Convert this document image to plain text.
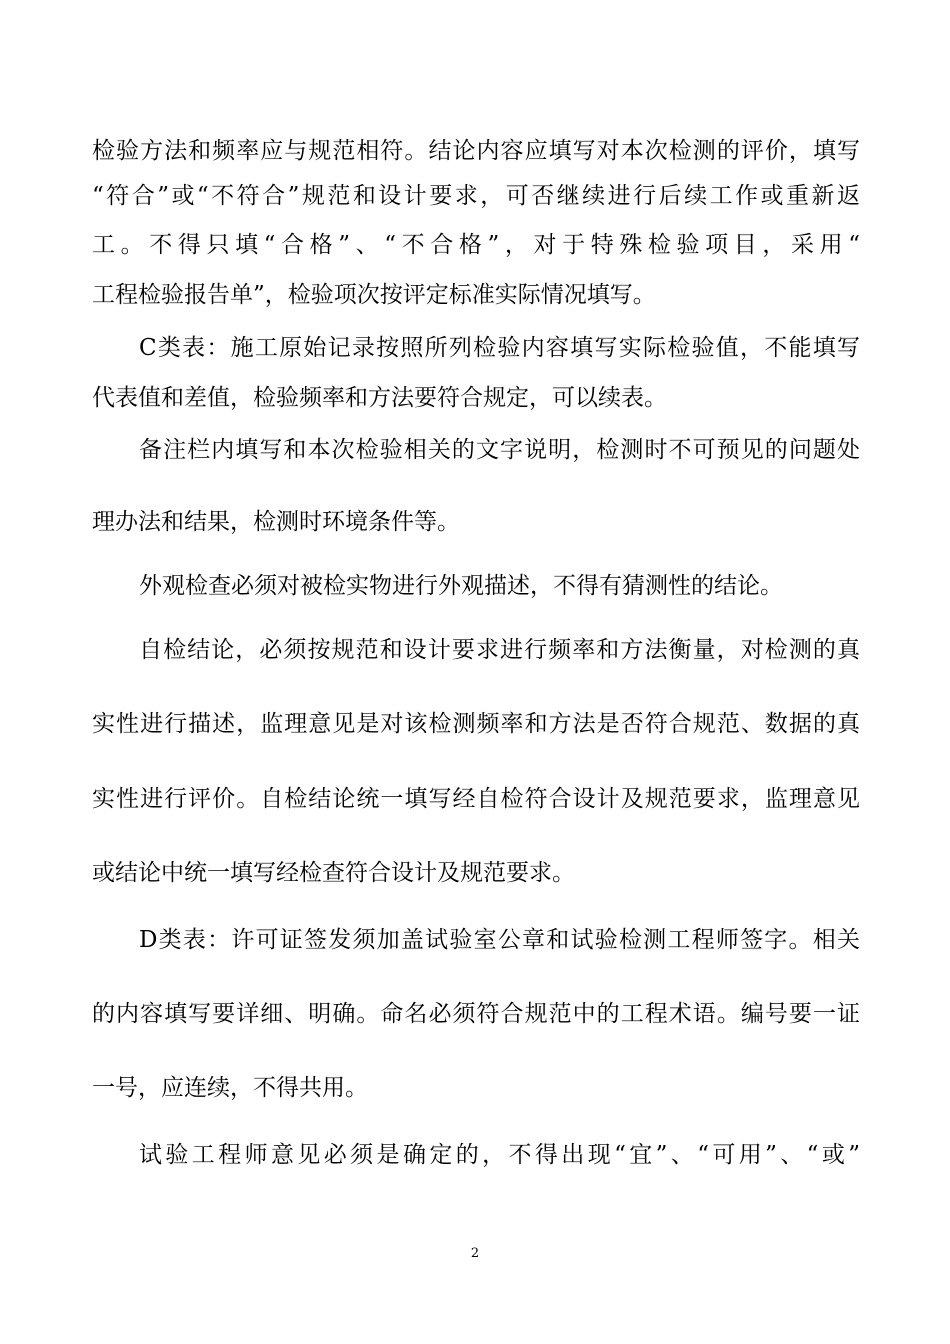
检验方法和频率应与规范相符。结论内容应填写对本次检测的评价，填写
“符合”或“不符合”规范和设计要求，可否继续进行后续工作或重新返
工。不得只填“合格”、“不合格”，对于特殊检验项目，采用“
工程检验报告单”，检验项次按评定标准实际情况填写。
C类表：施工原始记录按照所列检验内容填写实际检验值，不能填写
代表值和差值，检验频率和方法要符合规定，可以续表。
备注栏内填写和本次检验相关的文字说明，检测时不可预见的问题处
理办法和结果，检测时环境条件等。
外观检查必须对被检实物进行外观描述，不得有猜测性的结论。
自检结论，必须按规范和设计要求进行频率和方法衡量，对检测的真
实性进行描述，监理意见是对该检测频率和方法是否符合规范、数据的真
实性进行评价。自检结论统一填写经自检符合设计及规范要求，监理意见
或结论中统一填写经检查符合设计及规范要求。
D类表：许可证签发须加盖试验室公章和试验检测工程师签字。相关
的内容填写要详细、明确。命名必须符合规范中的工程术语。编号要一证
一号，应连续，不得共用。
试验工程师意见必须是确定的，不得出现“宜”、“可用”、“或”
2
